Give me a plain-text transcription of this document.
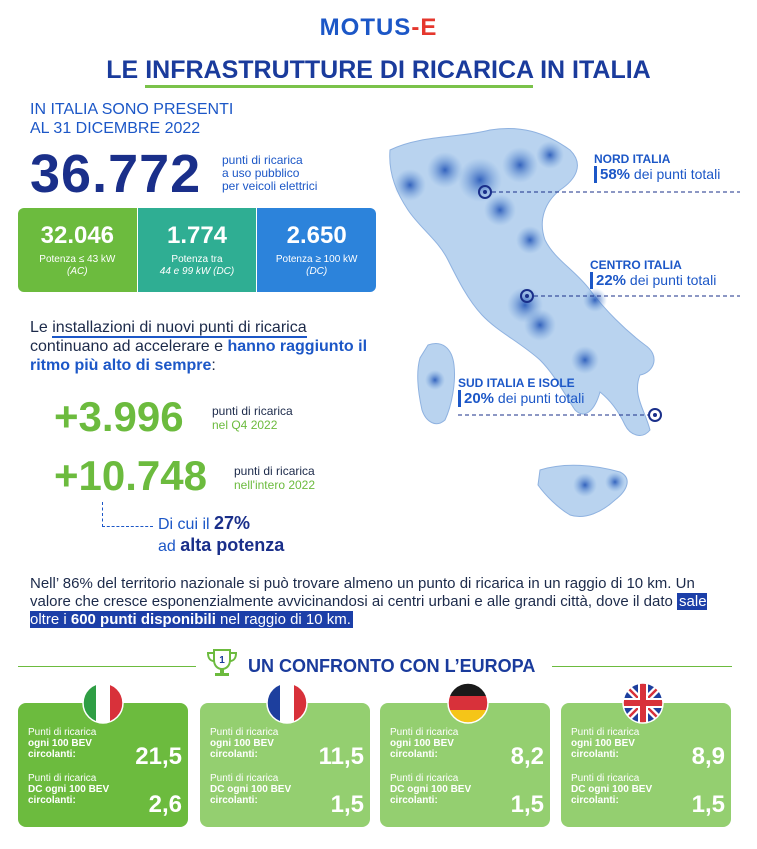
MOTUS-E
LE INFRASTRUTTURE DI RICARICA IN ITALIA
IN ITALIA SONO PRESENTI
AL 31 DICEMBRE 2022
36.772 punti di ricarica
a uso pubblico
per veicoli elettrici
32.046
Potenza ≤ 43 kW
(AC)
1.774
Potenza tra
44 e 99 kW (DC)
2.650
Potenza ≥ 100 kW
(DC)
Le installazioni di nuovi punti di ricarica continuano ad accelerare e hanno raggiunto il ritmo più alto di sempre:
+3.996 punti di ricarica
nel Q4 2022
+10.748 punti di ricarica
nell'intero 2022
Di cui il 27%
ad alta potenza
NORD ITALIA
58% dei punti totali
CENTRO ITALIA
22% dei punti totali
SUD ITALIA E ISOLE
20% dei punti totali
Nell’ 86% del territorio nazionale si può trovare almeno un punto di ricarica in un raggio di 10 km. Un valore che cresce esponenzialmente avvicinandosi ai centri urbani e alle grandi città, dove il dato sale oltre i 600 punti disponibili nel raggio di 10 km.
1 UN CONFRONTO CON L’EUROPA
Punti di ricarica
ogni 100 BEV circolanti:	21,5
Punti di ricarica
DC ogni 100 BEV circolanti:	2,6
Punti di ricarica
ogni 100 BEV circolanti:	11,5
Punti di ricarica
DC ogni 100 BEV circolanti:	1,5
Punti di ricarica
ogni 100 BEV circolanti:	8,2
Punti di ricarica
DC ogni 100 BEV circolanti:	1,5
Punti di ricarica
ogni 100 BEV circolanti:	8,9
Punti di ricarica
DC ogni 100 BEV circolanti:	1,5
